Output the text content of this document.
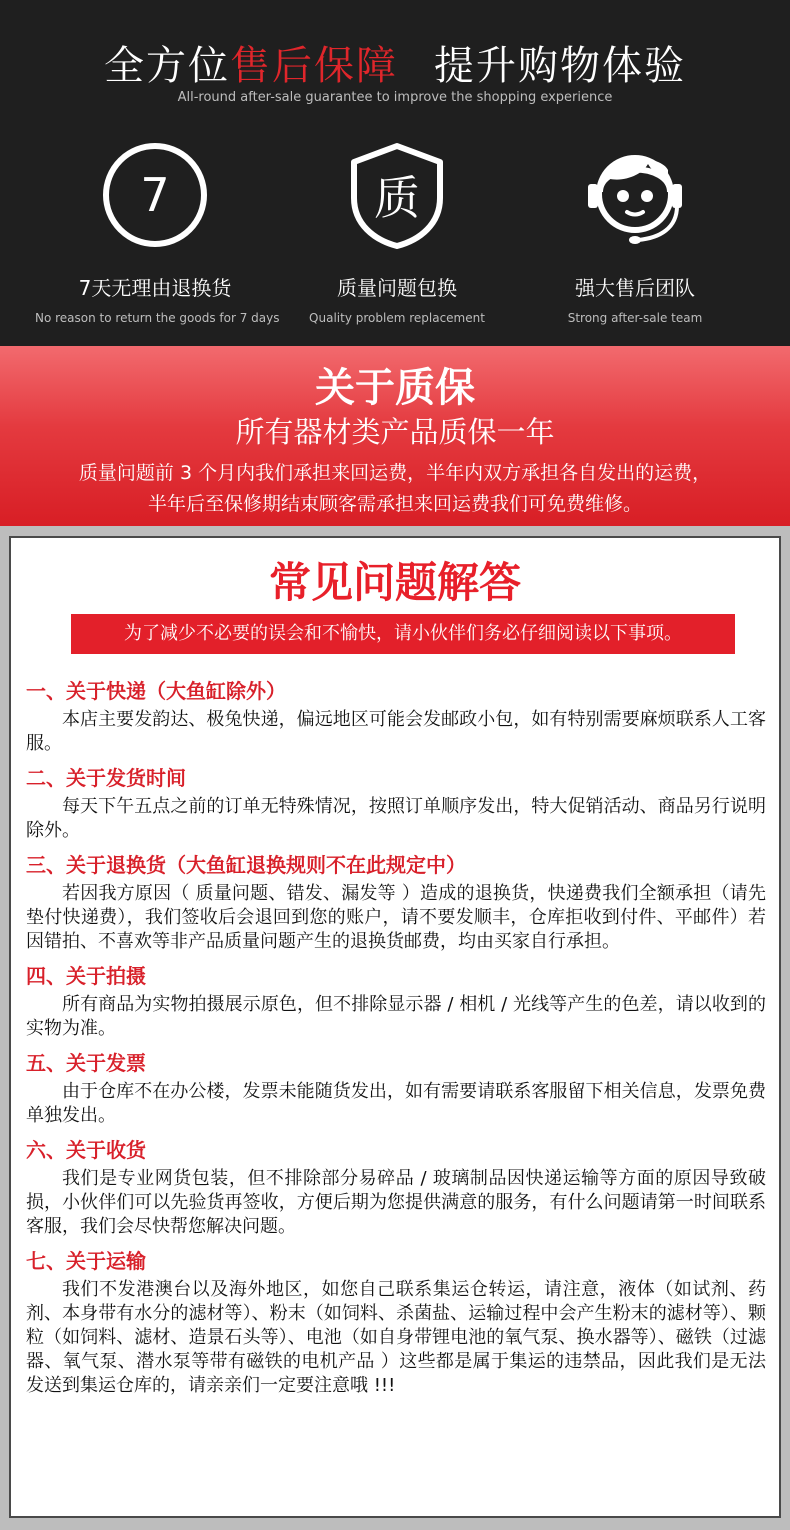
全方位售后保障 提升购物体验
All-round after-sale guarantee to improve the shopping experience
7
7天无理由退换货
No reason to return the goods for 7 days
质
质量问题包换
Quality problem replacement
强大售后团队
Strong after-sale team
关于质保
所有器材类产品质保一年
质量问题前 3 个月内我们承担来回运费，半年内双方承担各自发出的运费，
半年后至保修期结束顾客需承担来回运费我们可免费维修。
常见问题解答
为了减少不必要的误会和不愉快，请小伙伴们务必仔细阅读以下事项。
一、关于快递（大鱼缸除外）
本店主要发韵达、极兔快递，偏远地区可能会发邮政小包，如有特别需要麻烦联系人工客服。
二、关于发货时间
每天下午五点之前的订单无特殊情况，按照订单顺序发出，特大促销活动、商品另行说明除外。
三、关于退换货（大鱼缸退换规则不在此规定中）
若因我方原因（ 质量问题、错发、漏发等 ）造成的退换货，快递费我们全额承担（请先垫付快递费），我们签收后会退回到您的账户，请不要发顺丰，仓库拒收到付件、平邮件）若因错拍、不喜欢等非产品质量问题产生的退换货邮费，均由买家自行承担。
四、关于拍摄
所有商品为实物拍摄展示原色，但不排除显示器 / 相机 / 光线等产生的色差，请以收到的实物为准。
五、关于发票
由于仓库不在办公楼，发票未能随货发出，如有需要请联系客服留下相关信息，发票免费单独发出。
六、关于收货
我们是专业网货包装，但不排除部分易碎品 / 玻璃制品因快递运输等方面的原因导致破损，小伙伴们可以先验货再签收，方便后期为您提供满意的服务，有什么问题请第一时间联系客服，我们会尽快帮您解决问题。
七、关于运输
我们不发港澳台以及海外地区，如您自己联系集运仓转运，请注意，液体（如试剂、药剂、本身带有水分的滤材等）、粉末（如饲料、杀菌盐、运输过程中会产生粉末的滤材等）、颗粒（如饲料、滤材、造景石头等）、电池（如自身带锂电池的氧气泵、换水器等）、磁铁（过滤器、氧气泵、潜水泵等带有磁铁的电机产品 ）这些都是属于集运的违禁品，因此我们是无法发送到集运仓库的，请亲亲们一定要注意哦 !!!
